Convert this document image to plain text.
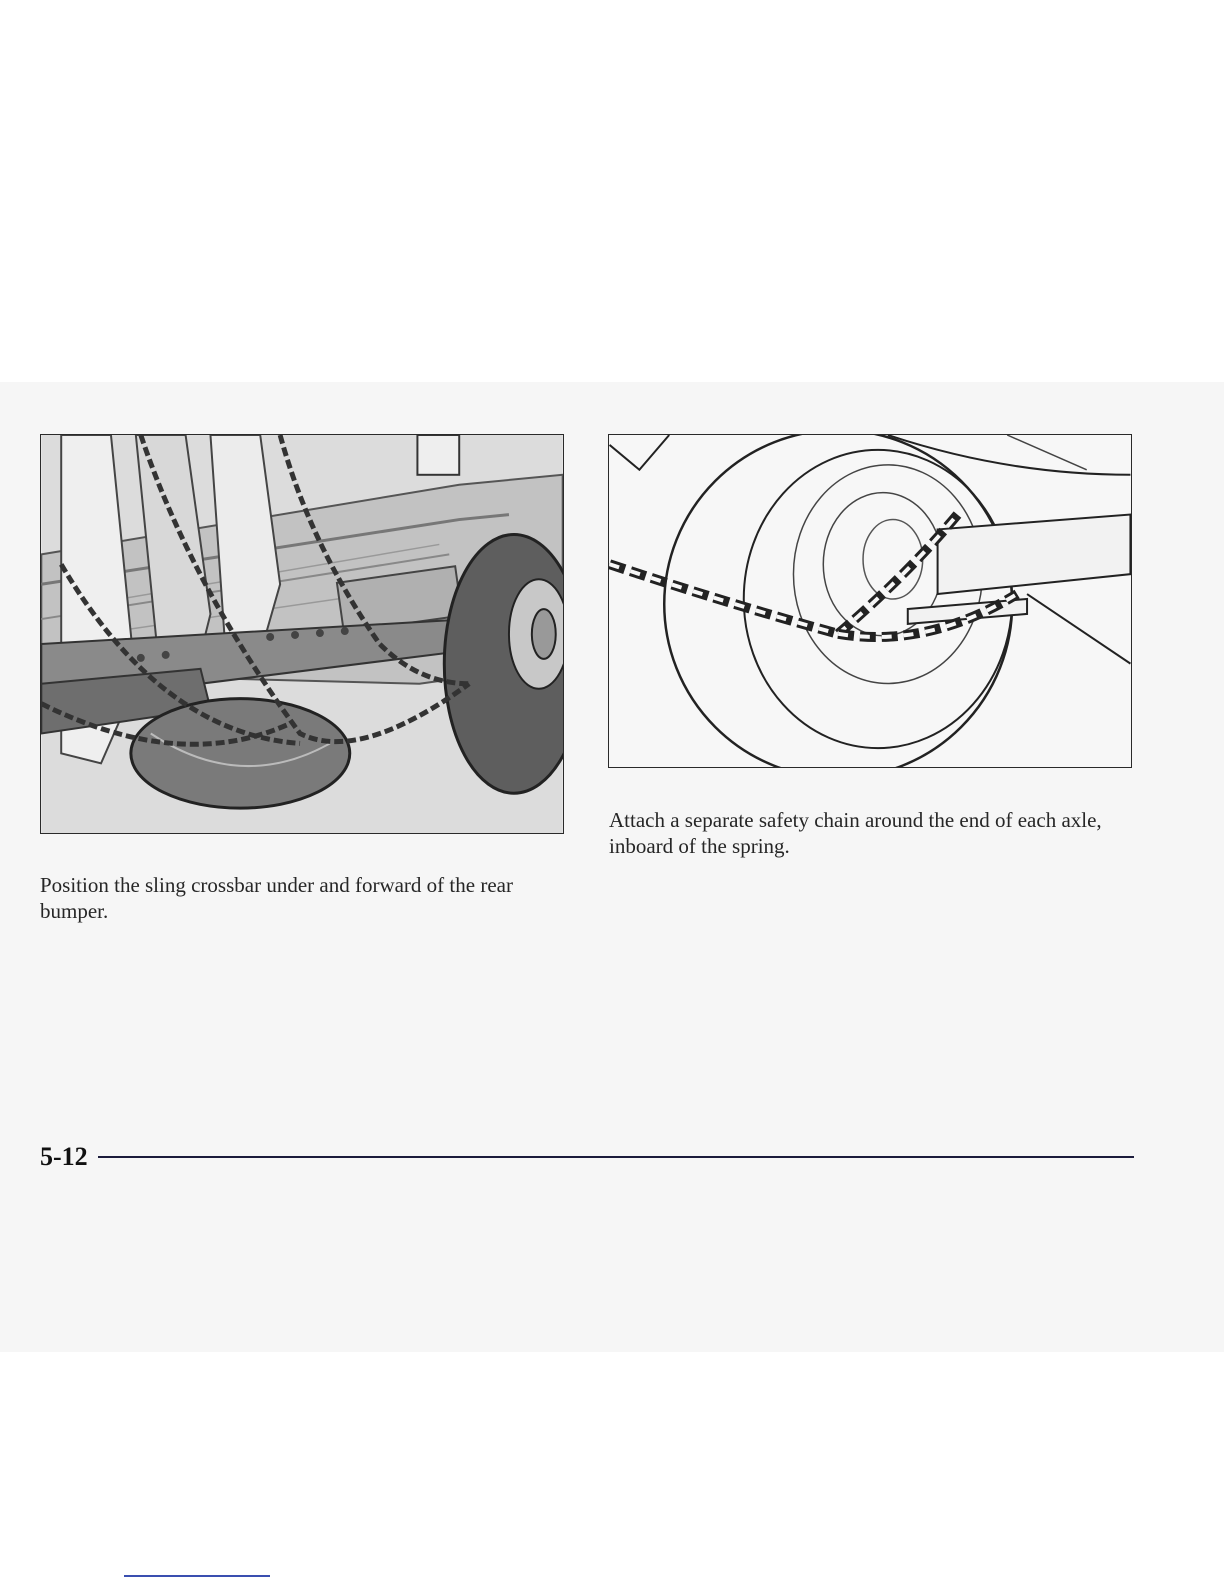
Position the sling crossbar under and forward of the rear bumper.

Attach a separate safety chain around the end of each axle, inboard of the spring.

5-12
